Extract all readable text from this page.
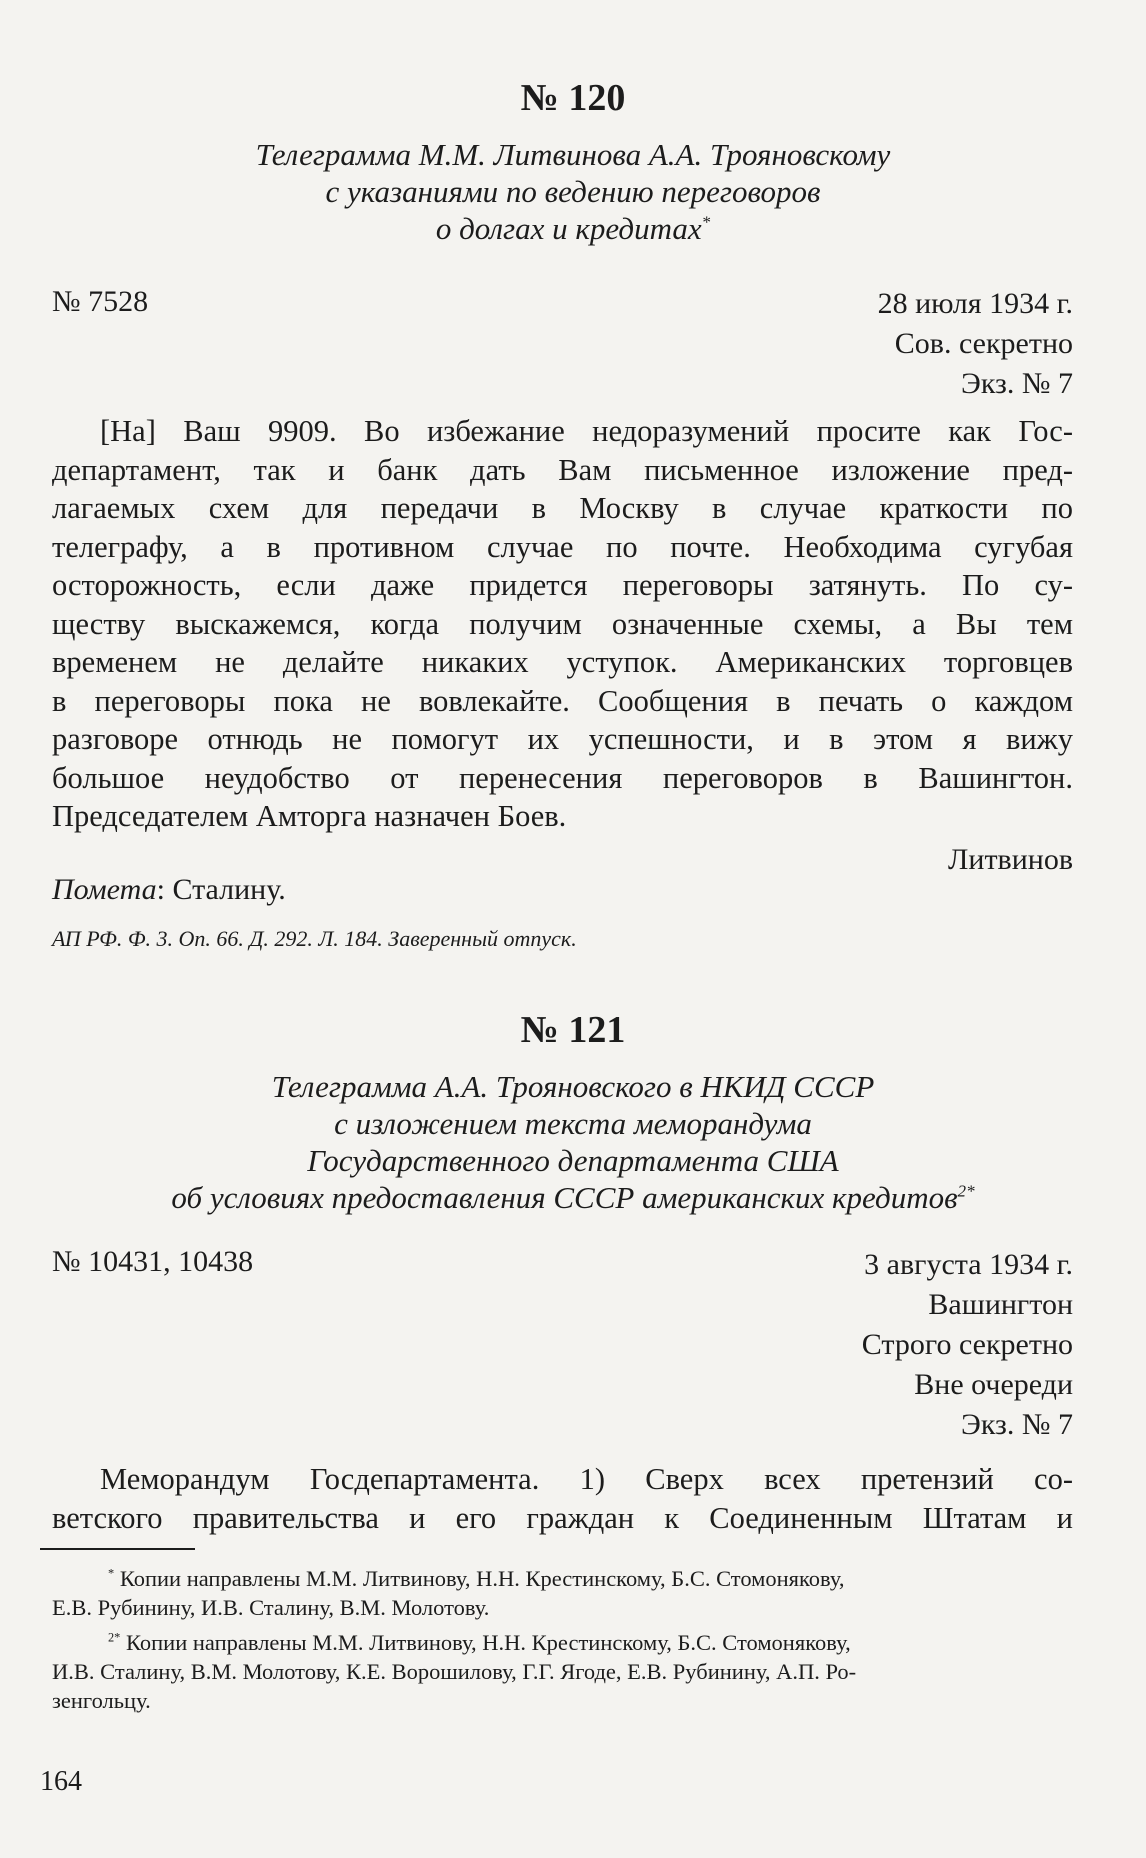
№ 120
Телеграмма М.М. Литвинова А.А. Трояновскому
с указаниями по ведению переговоров
о долгах и кредитах*
№ 7528	28 июля 1934 г.
Сов. секретно
Экз. № 7
[На] Ваш 9909. Во избежание недоразумений просите как Гос-
департамент, так и банк дать Вам письменное изложение пред-
лагаемых схем для передачи в Москву в случае краткости по
телеграфу, а в противном случае по почте. Необходима сугубая
осторожность, если даже придется переговоры затянуть. По су-
ществу выскажемся, когда получим означенные схемы, а Вы тем
временем не делайте никаких уступок. Американских торговцев
в переговоры пока не вовлекайте. Сообщения в печать о каждом
разговоре отнюдь не помогут их успешности, и в этом я вижу
большое неудобство от перенесения переговоров в Вашингтон.
Председателем Амторга назначен Боев.
Литвинов
Помета: Сталину.
АП РФ. Ф. 3. Оп. 66. Д. 292. Л. 184. Заверенный отпуск.
№ 121
Телеграмма А.А. Трояновского в НКИД СССР
с изложением текста меморандума
Государственного департамента США
об условиях предоставления СССР американских кредитов$^{2*}$
№ 10431, 10438	3 августа 1934 г.
Вашингтон
Строго секретно
Вне очереди
Экз. № 7
Меморандум Госдепартамента. 1) Сверх всех претензий со-
ветского правительства и его граждан к Соединенным Штатам и
* Копии направлены М.М. Литвинову, Н.Н. Крестинскому, Б.С. Стомонякову,
Е.В. Рубинину, И.В. Сталину, В.М. Молотову.
$^{2*}$ Копии направлены М.М. Литвинову, Н.Н. Крестинскому, Б.С. Стомонякову,
И.В. Сталину, В.М. Молотову, К.Е. Ворошилову, Г.Г. Ягоде, Е.В. Рубинину, А.П. Ро-
зенгольцу.
164
